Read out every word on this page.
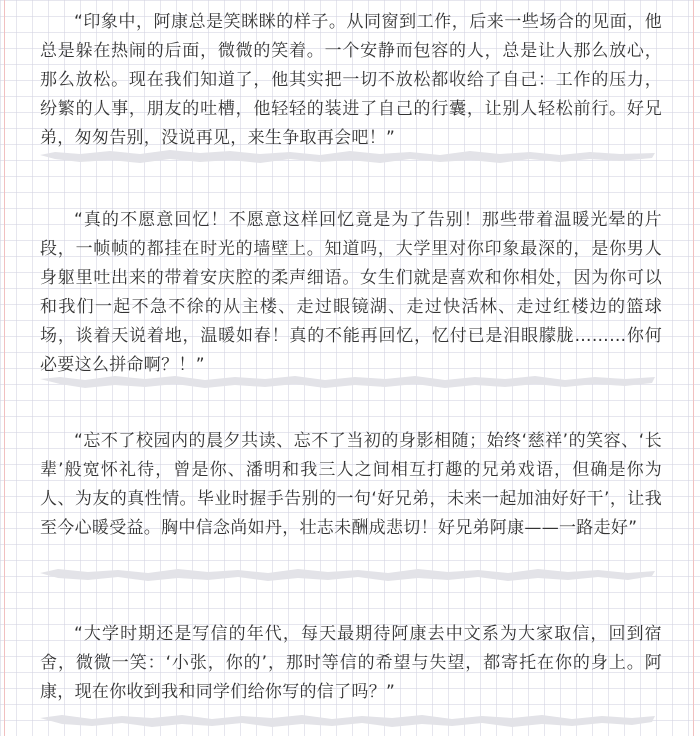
“印象中，阿康总是笑眯眯的样子。从同窗到工作，后来一些场合的见面，他总是躲在热闹的后面，微微的笑着。一个安静而包容的人，总是让人那么放心，那么放松。现在我们知道了，他其实把一切不放松都收给了自己：工作的压力，纷繁的人事，朋友的吐槽，他轻轻的装进了自己的行囊，让别人轻松前行。好兄弟，匆匆告别，没说再见，来生争取再会吧！”

“真的不愿意回忆！不愿意这样回忆竟是为了告别！那些带着温暖光晕的片段，一帧帧的都挂在时光的墙壁上。知道吗，大学里对你印象最深的，是你男人身躯里吐出来的带着安庆腔的柔声细语。女生们就是喜欢和你相处，因为你可以和我们一起不急不徐的从主楼、走过眼镜湖、走过快活林、走过红楼边的篮球场，谈着天说着地，温暖如春！真的不能再回忆，忆付已是泪眼朦胧………你何必要这么拼命啊？！”

“忘不了校园内的晨夕共读、忘不了当初的身影相随；始终‘慈祥’的笑容、‘长辈’般宽怀礼待，曾是你、潘明和我三人之间相互打趣的兄弟戏语，但确是你为人、为友的真性情。毕业时握手告别的一句‘好兄弟，未来一起加油好好干’，让我至今心暖受益。胸中信念尚如丹，壮志未酬成悲切！好兄弟阿康——一路走好”

“大学时期还是写信的年代，每天最期待阿康去中文系为大家取信，回到宿舍，微微一笑：‘小张，你的’，那时等信的希望与失望，都寄托在你的身上。阿康，现在你收到我和同学们给你写的信了吗？”
